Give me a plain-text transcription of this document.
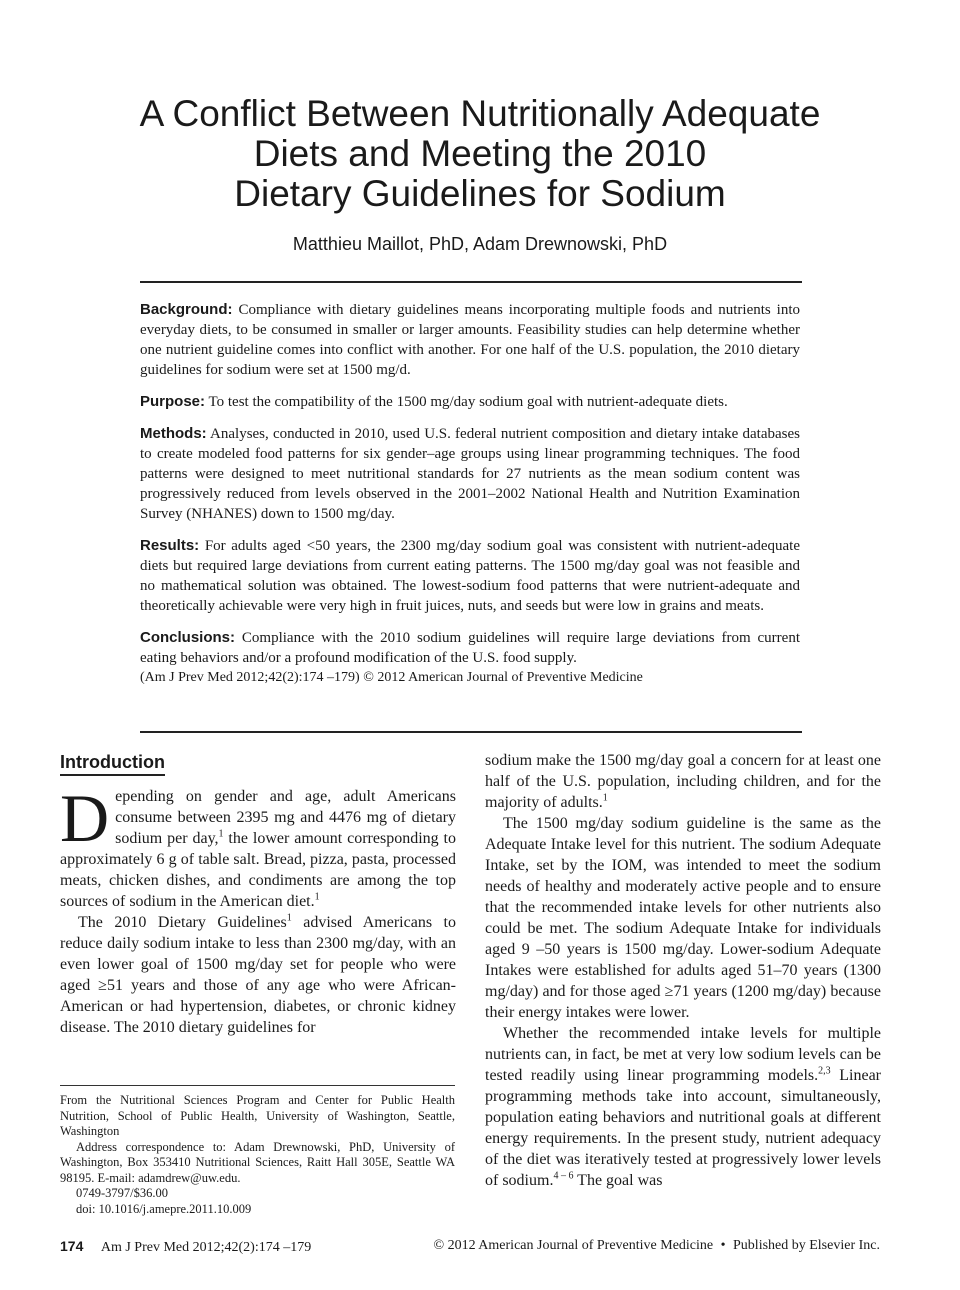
A Conflict Between Nutritionally Adequate
Diets and Meeting the 2010
Dietary Guidelines for Sodium
Matthieu Maillot, PhD, Adam Drewnowski, PhD

Background: Compliance with dietary guidelines means incorporating multiple foods and nutrients into everyday diets, to be consumed in smaller or larger amounts. Feasibility studies can help determine whether one nutrient guideline comes into conflict with another. For one half of the U.S. population, the 2010 dietary guidelines for sodium were set at 1500 mg/d.

Purpose: To test the compatibility of the 1500 mg/day sodium goal with nutrient-adequate diets.

Methods: Analyses, conducted in 2010, used U.S. federal nutrient composition and dietary intake databases to create modeled food patterns for six gender–age groups using linear programming techniques. The food patterns were designed to meet nutritional standards for 27 nutrients as the mean sodium content was progressively reduced from levels observed in the 2001–2002 National Health and Nutrition Examination Survey (NHANES) down to 1500 mg/day.

Results: For adults aged <50 years, the 2300 mg/day sodium goal was consistent with nutrient-adequate diets but required large deviations from current eating patterns. The 1500 mg/day goal was not feasible and no mathematical solution was obtained. The lowest-sodium food patterns that were nutrient-adequate and theoretically achievable were very high in fruit juices, nuts, and seeds but were low in grains and meats.

Conclusions: Compliance with the 2010 sodium guidelines will require large deviations from current eating behaviors and/or a profound modification of the U.S. food supply.

(Am J Prev Med 2012;42(2):174 –179) © 2012 American Journal of Preventive Medicine

Introduction

Depending on gender and age, adult Americans consume between 2395 mg and 4476 mg of dietary sodium per day,$^1$ the lower amount corresponding to approximately 6 g of table salt. Bread, pizza, pasta, processed meats, chicken dishes, and condiments are among the top sources of sodium in the American diet.$^1$

The 2010 Dietary Guidelines$^1$ advised Americans to reduce daily sodium intake to less than 2300 mg/day, with an even lower goal of 1500 mg/day set for people who were aged ≥51 years and those of any age who were African-American or had hypertension, diabetes, or chronic kidney disease. The 2010 dietary guidelines for

sodium make the 1500 mg/day goal a concern for at least one half of the U.S. population, including children, and for the majority of adults.$^1$

The 1500 mg/day sodium guideline is the same as the Adequate Intake level for this nutrient. The sodium Adequate Intake, set by the IOM, was intended to meet the sodium needs of healthy and moderately active people and to ensure that the recommended intake levels for other nutrients also could be met. The sodium Adequate Intake for individuals aged 9 –50 years is 1500 mg/day. Lower-sodium Adequate Intakes were established for adults aged 51–70 years (1300 mg/day) and for those aged ≥71 years (1200 mg/day) because their energy intakes were lower.

Whether the recommended intake levels for multiple nutrients can, in fact, be met at very low sodium levels can be tested readily using linear programming models.$^{2,3}$ Linear programming methods take into account, simultaneously, population eating behaviors and nutritional goals at different energy requirements. In the present study, nutrient adequacy of the diet was iteratively tested at progressively lower levels of sodium.$^{4 - 6}$ The goal was

From the Nutritional Sciences Program and Center for Public Health Nutrition, School of Public Health, University of Washington, Seattle, Washington

Address correspondence to: Adam Drewnowski, PhD, University of Washington, Box 353410 Nutritional Sciences, Raitt Hall 305E, Seattle WA 98195. E-mail: adamdrew@uw.edu.

0749-3797/$36.00

doi: 10.1016/j.amepre.2011.10.009

174 Am J Prev Med 2012;42(2):174 –179	© 2012 American Journal of Preventive Medicine • Published by Elsevier Inc.
